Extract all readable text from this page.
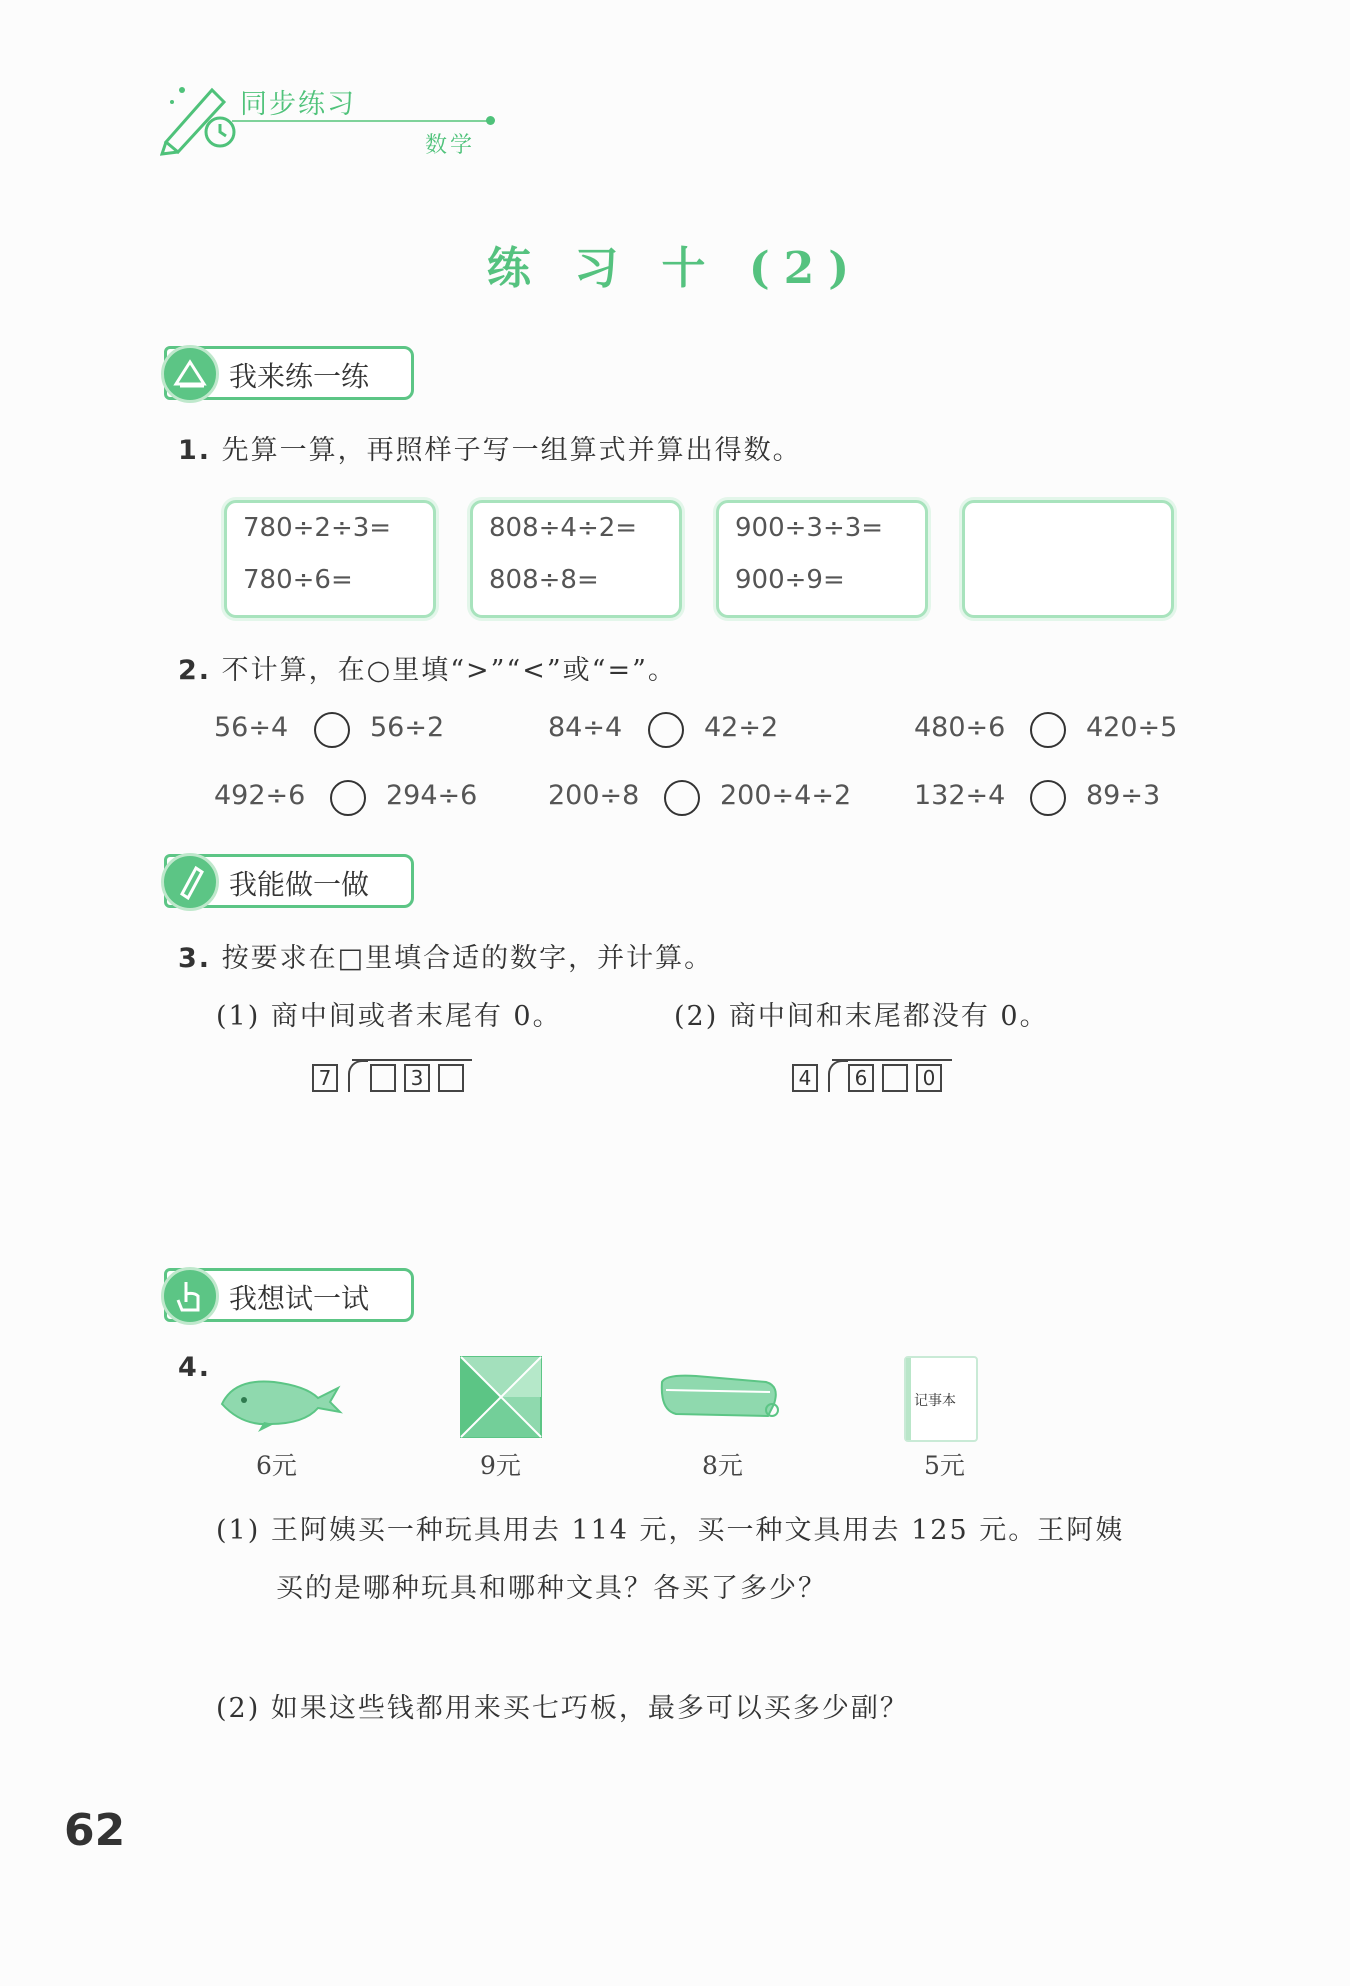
同步练习
数学
练 习 十 (2)
我来练一练
1. 先算一算，再照样子写一组算式并算出得数。
780÷2÷3=
780÷6=
808÷4÷2=
808÷8=
900÷3÷3=
900÷9=
2. 不计算，在○里填“>”“<”或“=”。
56÷4	56÷2	84÷4	42÷2	480÷6	420÷5
492÷6	294÷6	200÷8	200÷4÷2 132÷4	89÷3
我能做一做
3. 按要求在□里填合适的数字，并计算。
(1) 商中间或者末尾有 0。	(2) 商中间和末尾都没有 0。
7	3	4	6	0
我想试一试
4.
记事本
6元	9元	8元	5元
(1) 王阿姨买一种玩具用去 114 元，买一种文具用去 125 元。王阿姨
买的是哪种玩具和哪种文具？各买了多少？
(2) 如果这些钱都用来买七巧板，最多可以买多少副？
62
